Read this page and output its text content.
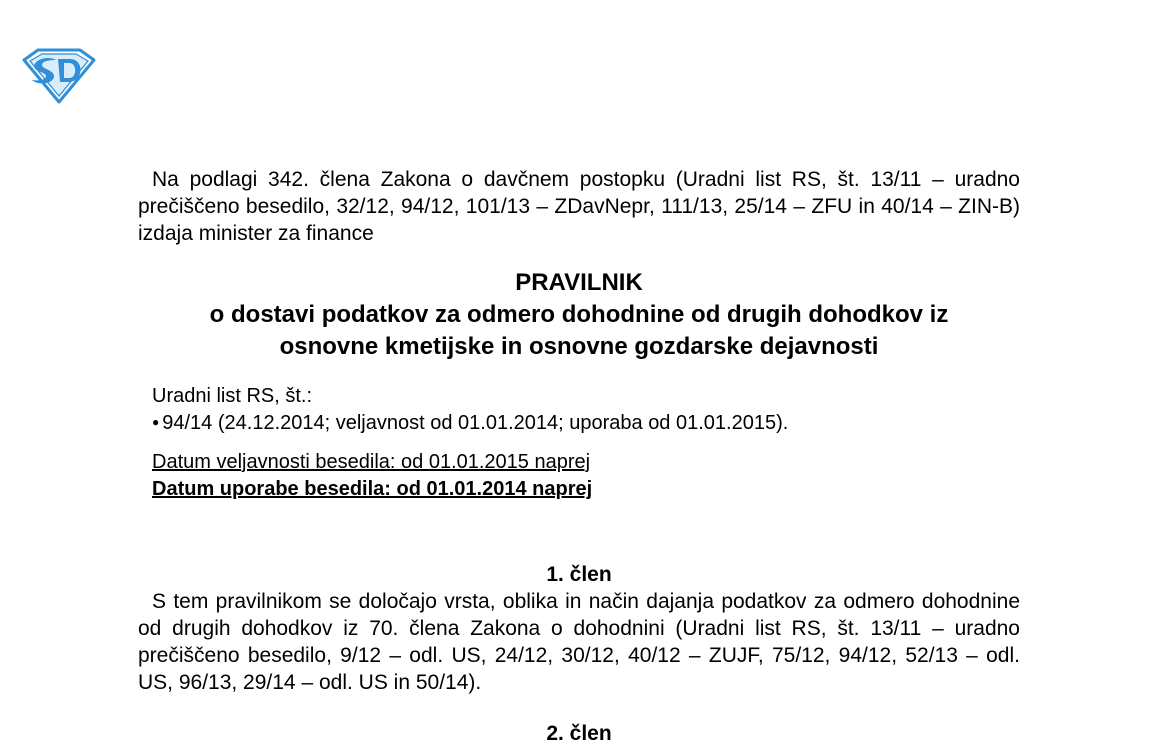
Na podlagi 342. člena Zakona o davčnem postopku (Uradni list RS, št. 13/11 – uradno prečiščeno besedilo, 32/12, 94/12, 101/13 – ZDavNepr, 111/13, 25/14 – ZFU in 40/14 – ZIN-B) izdaja minister za finance
PRAVILNIK
o dostavi podatkov za odmero dohodnine od drugih dohodkov iz
osnovne kmetijske in osnovne gozdarske dejavnosti
Uradni list RS, št.:
● 94/14 (24.12.2014; veljavnost od 01.01.2014; uporaba od 01.01.2015).
Datum veljavnosti besedila: od 01.01.2015 naprej
Datum uporabe besedila: od 01.01.2014 naprej
1. člen
S tem pravilnikom se določajo vrsta, oblika in način dajanja podatkov za odmero dohodnine od drugih dohodkov iz 70. člena Zakona o dohodnini (Uradni list RS, št. 13/11 – uradno prečiščeno besedilo, 9/12 – odl. US, 24/12, 30/12, 40/12 – ZUJF, 75/12, 94/12, 52/13 – odl. US, 96/13, 29/14 – odl. US in 50/14).
2. člen
